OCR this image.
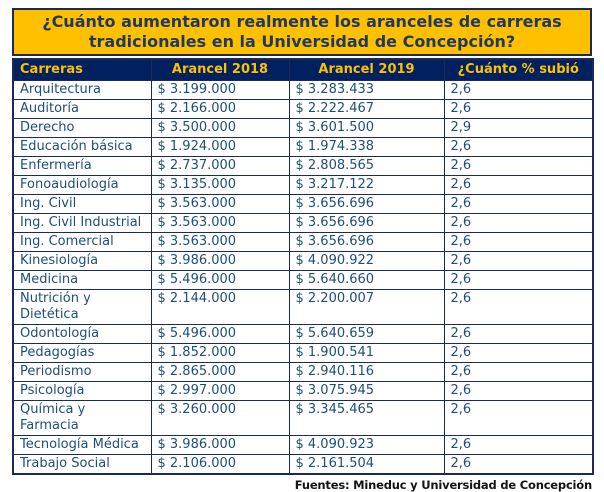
¿Cuánto aumentaron realmente los aranceles de carreras tradicionales en la Universidad de Concepción?
Carreras	Arancel 2018	Arancel 2019	¿Cuánto % subió
Arquitectura	$ 3.199.000	$ 3.283.433	2,6
Auditoría	$ 2.166.000	$ 2.222.467	2,6
Derecho	$ 3.500.000	$ 3.601.500	2,9
Educación básica	$ 1.924.000	$ 1.974.338	2,6
Enfermería	$ 2.737.000	$ 2.808.565	2,6
Fonoaudiología	$ 3.135.000	$ 3.217.122	2,6
Ing. Civil	$ 3.563.000	$ 3.656.696	2,6
Ing. Civil Industrial	$ 3.563.000	$ 3.656.696	2,6
Ing. Comercial	$ 3.563.000	$ 3.656.696	2,6
Kinesiología	$ 3.986.000	$ 4.090.922	2,6
Medicina	$ 5.496.000	$ 5.640.660	2,6
Nutrición y Dietética	$ 2.144.000	$ 2.200.007	2,6
Odontología	$ 5.496.000	$ 5.640.659	2,6
Pedagogías	$ 1.852.000	$ 1.900.541	2,6
Periodismo	$ 2.865.000	$ 2.940.116	2,6
Psicología	$ 2.997.000	$ 3.075.945	2,6
Química y Farmacia	$ 3.260.000	$ 3.345.465	2,6
Tecnología Médica	$ 3.986.000	$ 4.090.923	2,6
Trabajo Social	$ 2.106.000	$ 2.161.504	2,6
Fuentes: Mineduc y Universidad de Concepción
